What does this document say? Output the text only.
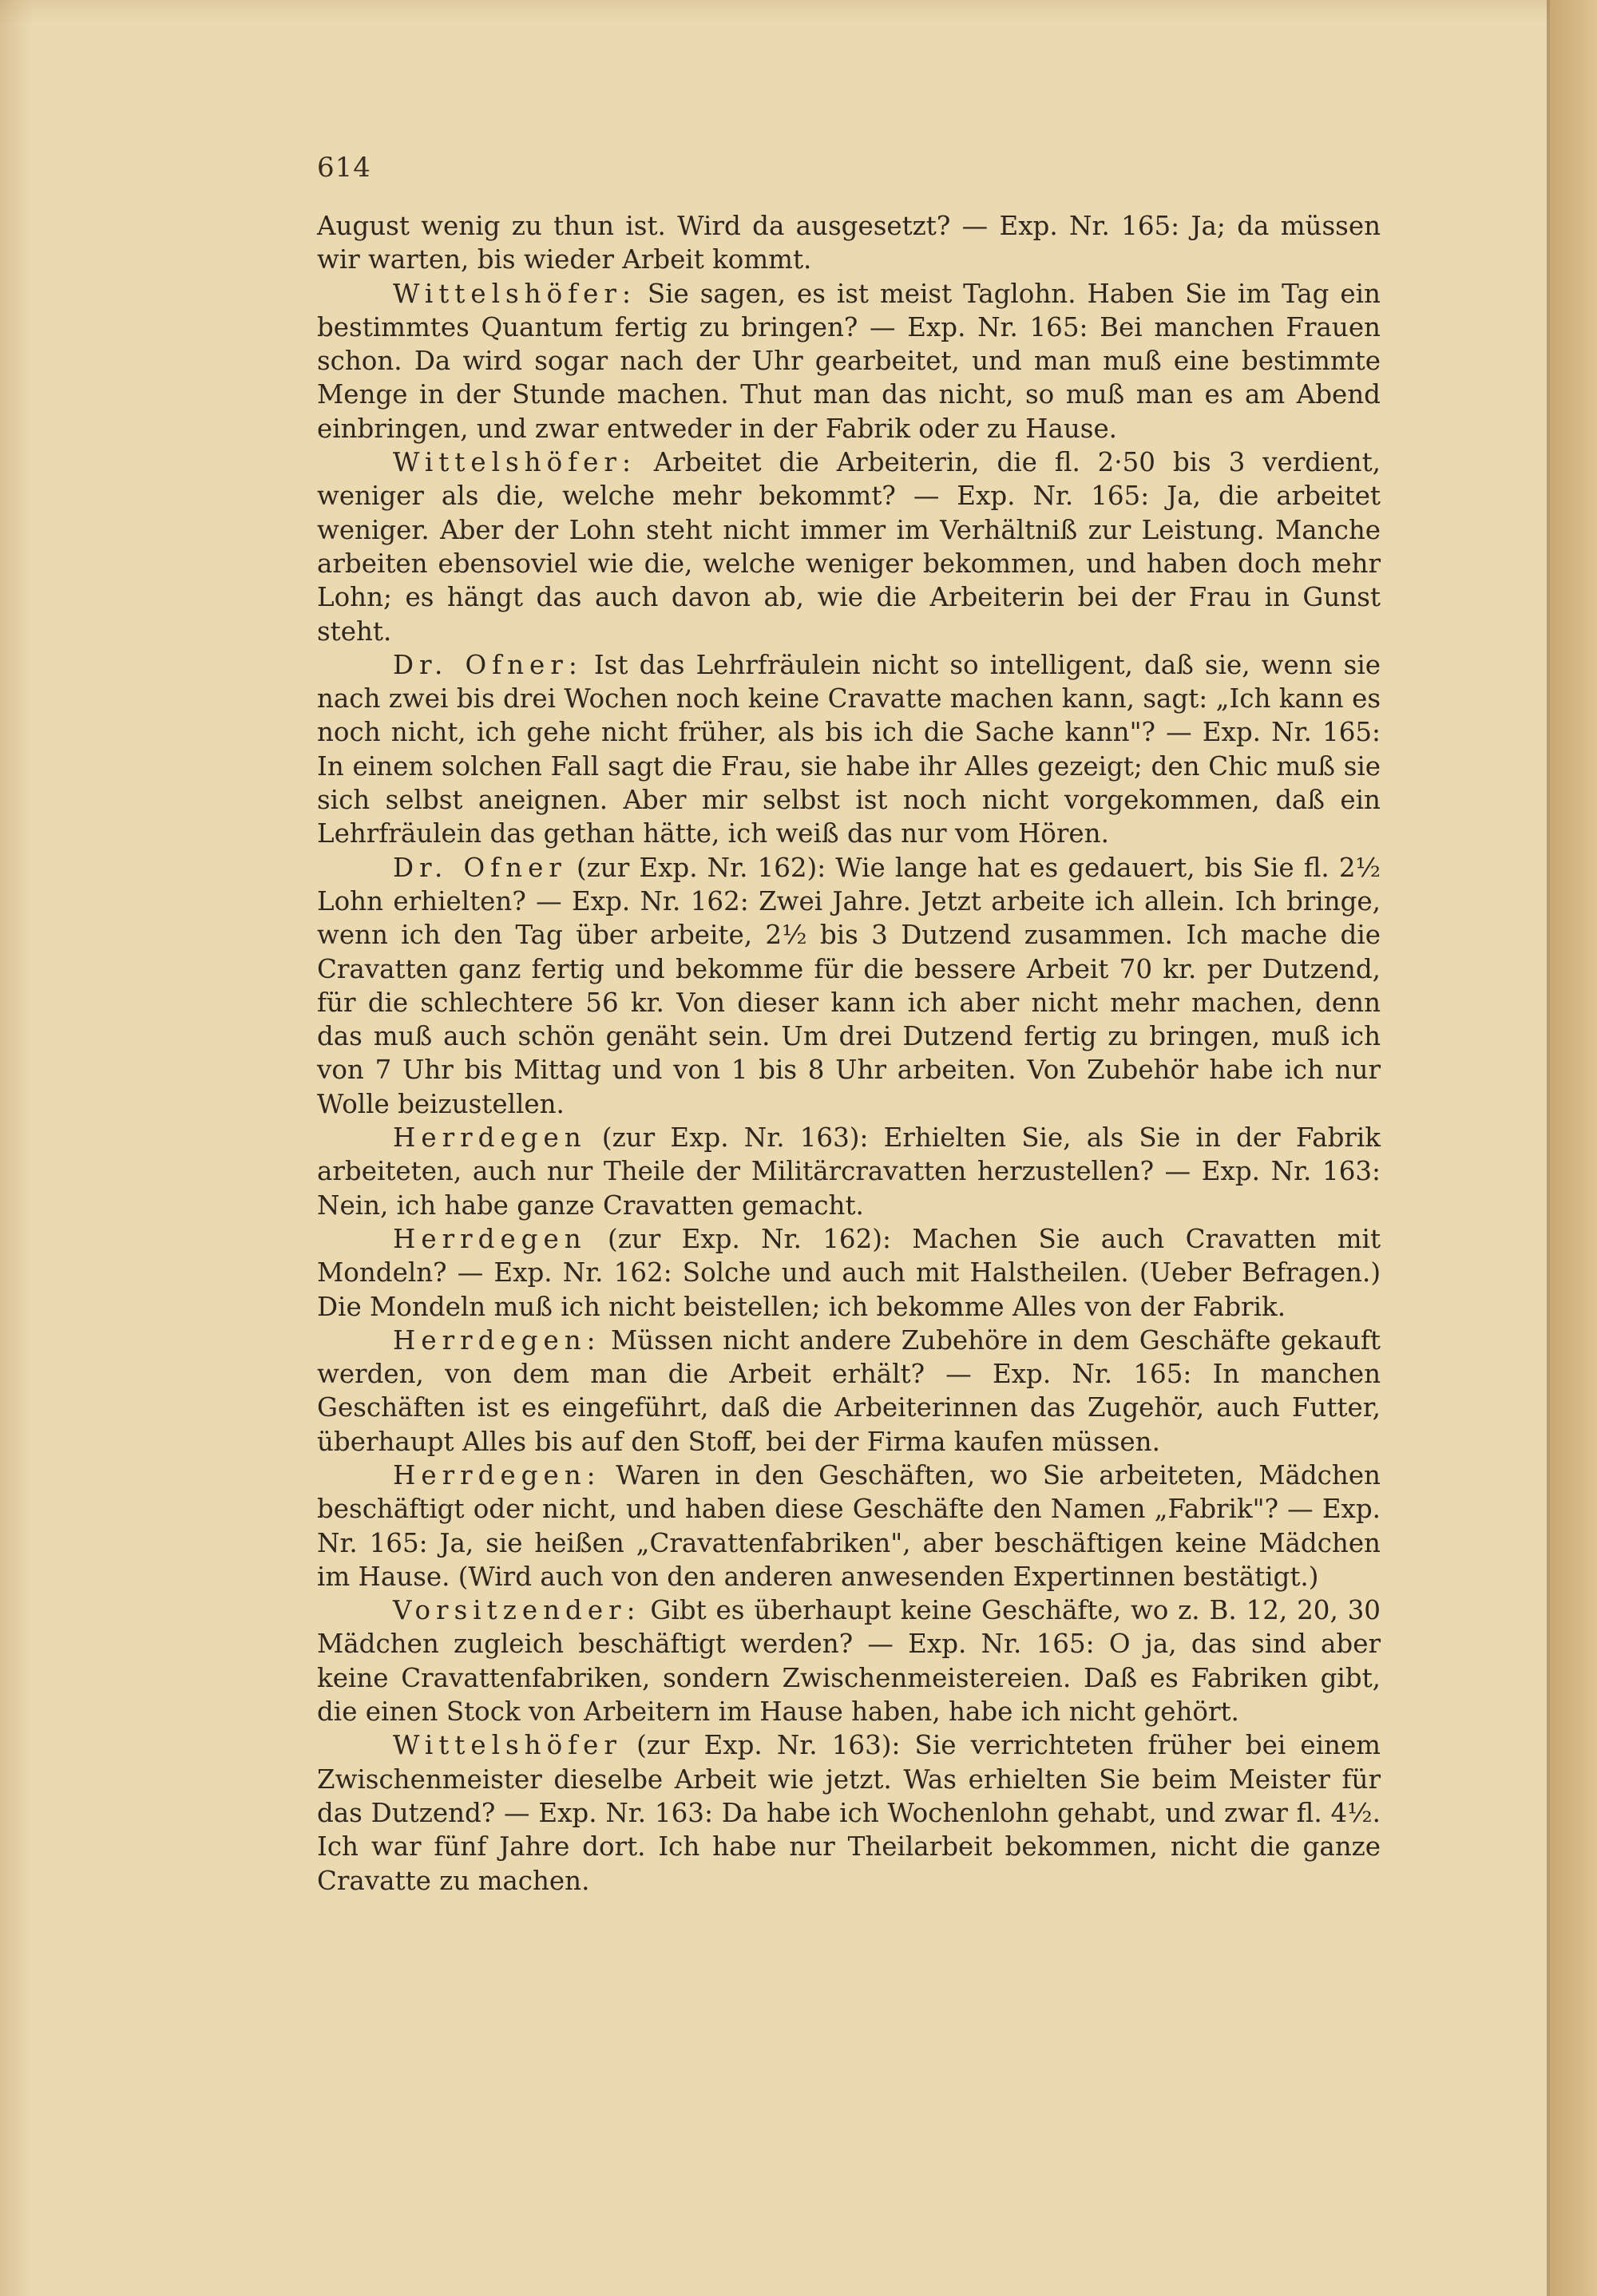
614

August wenig zu thun ist. Wird da ausgesetzt? — Exp. Nr. 165: Ja; da müssen wir warten, bis wieder Arbeit kommt.

Wittelshöfer: Sie sagen, es ist meist Taglohn. Haben Sie im Tag ein bestimmtes Quantum fertig zu bringen? — Exp. Nr. 165: Bei manchen Frauen schon. Da wird sogar nach der Uhr gearbeitet, und man muß eine bestimmte Menge in der Stunde machen. Thut man das nicht, so muß man es am Abend einbringen, und zwar entweder in der Fabrik oder zu Hause.

Wittelshöfer: Arbeitet die Arbeiterin, die fl. 2·50 bis 3 verdient, weniger als die, welche mehr bekommt? — Exp. Nr. 165: Ja, die arbeitet weniger. Aber der Lohn steht nicht immer im Verhältniß zur Leistung. Manche arbeiten ebensoviel wie die, welche weniger bekommen, und haben doch mehr Lohn; es hängt das auch davon ab, wie die Arbeiterin bei der Frau in Gunst steht.

Dr. Ofner: Ist das Lehrfräulein nicht so intelligent, daß sie, wenn sie nach zwei bis drei Wochen noch keine Cravatte machen kann, sagt: „Ich kann es noch nicht, ich gehe nicht früher, als bis ich die Sache kann"? — Exp. Nr. 165: In einem solchen Fall sagt die Frau, sie habe ihr Alles gezeigt; den Chic muß sie sich selbst aneignen. Aber mir selbst ist noch nicht vorgekommen, daß ein Lehrfräulein das gethan hätte, ich weiß das nur vom Hören.

Dr. Ofner (zur Exp. Nr. 162): Wie lange hat es gedauert, bis Sie fl. 2½ Lohn erhielten? — Exp. Nr. 162: Zwei Jahre. Jetzt arbeite ich allein. Ich bringe, wenn ich den Tag über arbeite, 2½ bis 3 Dutzend zusammen. Ich mache die Cravatten ganz fertig und bekomme für die bessere Arbeit 70 kr. per Dutzend, für die schlechtere 56 kr. Von dieser kann ich aber nicht mehr machen, denn das muß auch schön genäht sein. Um drei Dutzend fertig zu bringen, muß ich von 7 Uhr bis Mittag und von 1 bis 8 Uhr arbeiten. Von Zubehör habe ich nur Wolle beizustellen.

Herrdegen (zur Exp. Nr. 163): Erhielten Sie, als Sie in der Fabrik arbeiteten, auch nur Theile der Militärcravatten herzustellen? — Exp. Nr. 163: Nein, ich habe ganze Cravatten gemacht.

Herrdegen (zur Exp. Nr. 162): Machen Sie auch Cravatten mit Mondeln? — Exp. Nr. 162: Solche und auch mit Halstheilen. (Ueber Befragen.) Die Mondeln muß ich nicht beistellen; ich bekomme Alles von der Fabrik.

Herrdegen: Müssen nicht andere Zubehöre in dem Geschäfte gekauft werden, von dem man die Arbeit erhält? — Exp. Nr. 165: In manchen Geschäften ist es eingeführt, daß die Arbeiterinnen das Zugehör, auch Futter, überhaupt Alles bis auf den Stoff, bei der Firma kaufen müssen.

Herrdegen: Waren in den Geschäften, wo Sie arbeiteten, Mädchen beschäftigt oder nicht, und haben diese Geschäfte den Namen „Fabrik"? — Exp. Nr. 165: Ja, sie heißen „Cravattenfabriken", aber beschäftigen keine Mädchen im Hause. (Wird auch von den anderen anwesenden Expertinnen bestätigt.)

Vorsitzender: Gibt es überhaupt keine Geschäfte, wo z. B. 12, 20, 30 Mädchen zugleich beschäftigt werden? — Exp. Nr. 165: O ja, das sind aber keine Cravattenfabriken, sondern Zwischenmeistereien. Daß es Fabriken gibt, die einen Stock von Arbeitern im Hause haben, habe ich nicht gehört.

Wittelshöfer (zur Exp. Nr. 163): Sie verrichteten früher bei einem Zwischenmeister dieselbe Arbeit wie jetzt. Was erhielten Sie beim Meister für das Dutzend? — Exp. Nr. 163: Da habe ich Wochenlohn gehabt, und zwar fl. 4½. Ich war fünf Jahre dort. Ich habe nur Theilarbeit bekommen, nicht die ganze Cravatte zu machen.
